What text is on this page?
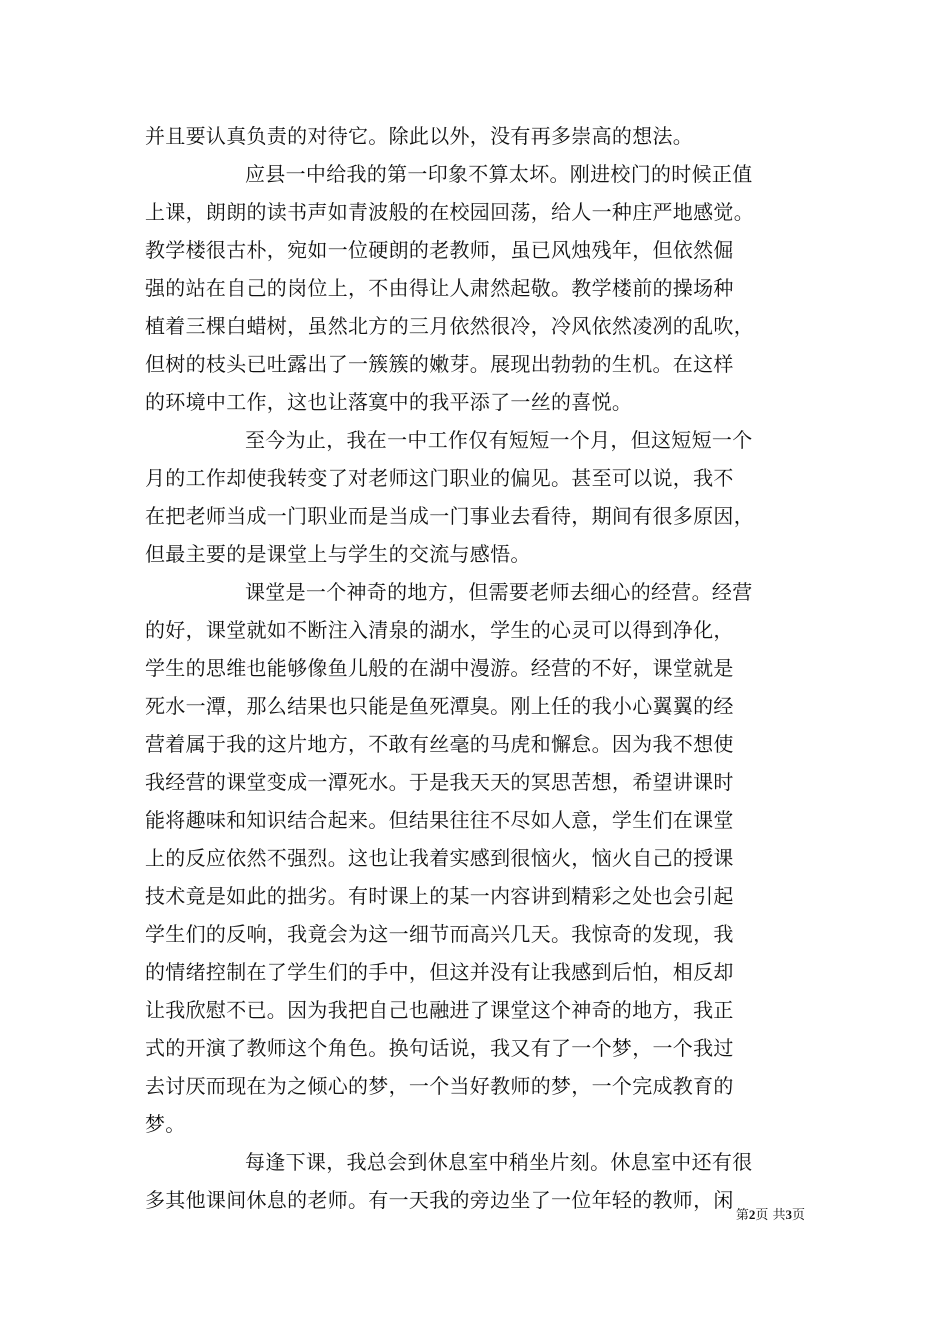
并且要认真负责的对待它。除此以外，没有再多崇高的想法。
应县一中给我的第一印象不算太坏。刚进校门的时候正值
上课，朗朗的读书声如青波般的在校园回荡，给人一种庄严地感觉。
教学楼很古朴，宛如一位硬朗的老教师，虽已风烛残年，但依然倔
强的站在自己的岗位上，不由得让人肃然起敬。教学楼前的操场种
植着三棵白蜡树，虽然北方的三月依然很冷，冷风依然凌冽的乱吹，
但树的枝头已吐露出了一簇簇的嫩芽。展现出勃勃的生机。在这样
的环境中工作，这也让落寞中的我平添了一丝的喜悦。
至今为止，我在一中工作仅有短短一个月，但这短短一个
月的工作却使我转变了对老师这门职业的偏见。甚至可以说，我不
在把老师当成一门职业而是当成一门事业去看待，期间有很多原因，
但最主要的是课堂上与学生的交流与感悟。
课堂是一个神奇的地方，但需要老师去细心的经营。经营
的好，课堂就如不断注入清泉的湖水，学生的心灵可以得到净化，
学生的思维也能够像鱼儿般的在湖中漫游。经营的不好，课堂就是
死水一潭，那么结果也只能是鱼死潭臭。刚上任的我小心翼翼的经
营着属于我的这片地方，不敢有丝毫的马虎和懈怠。因为我不想使
我经营的课堂变成一潭死水。于是我天天的冥思苦想，希望讲课时
能将趣味和知识结合起来。但结果往往不尽如人意，学生们在课堂
上的反应依然不强烈。这也让我着实感到很恼火，恼火自己的授课
技术竟是如此的拙劣。有时课上的某一内容讲到精彩之处也会引起
学生们的反响，我竟会为这一细节而高兴几天。我惊奇的发现，我
的情绪控制在了学生们的手中，但这并没有让我感到后怕，相反却
让我欣慰不已。因为我把自己也融进了课堂这个神奇的地方，我正
式的开演了教师这个角色。换句话说，我又有了一个梦，一个我过
去讨厌而现在为之倾心的梦，一个当好教师的梦，一个完成教育的
梦。
每逢下课，我总会到休息室中稍坐片刻。休息室中还有很
多其他课间休息的老师。有一天我的旁边坐了一位年轻的教师，闲
第2页 共3页
